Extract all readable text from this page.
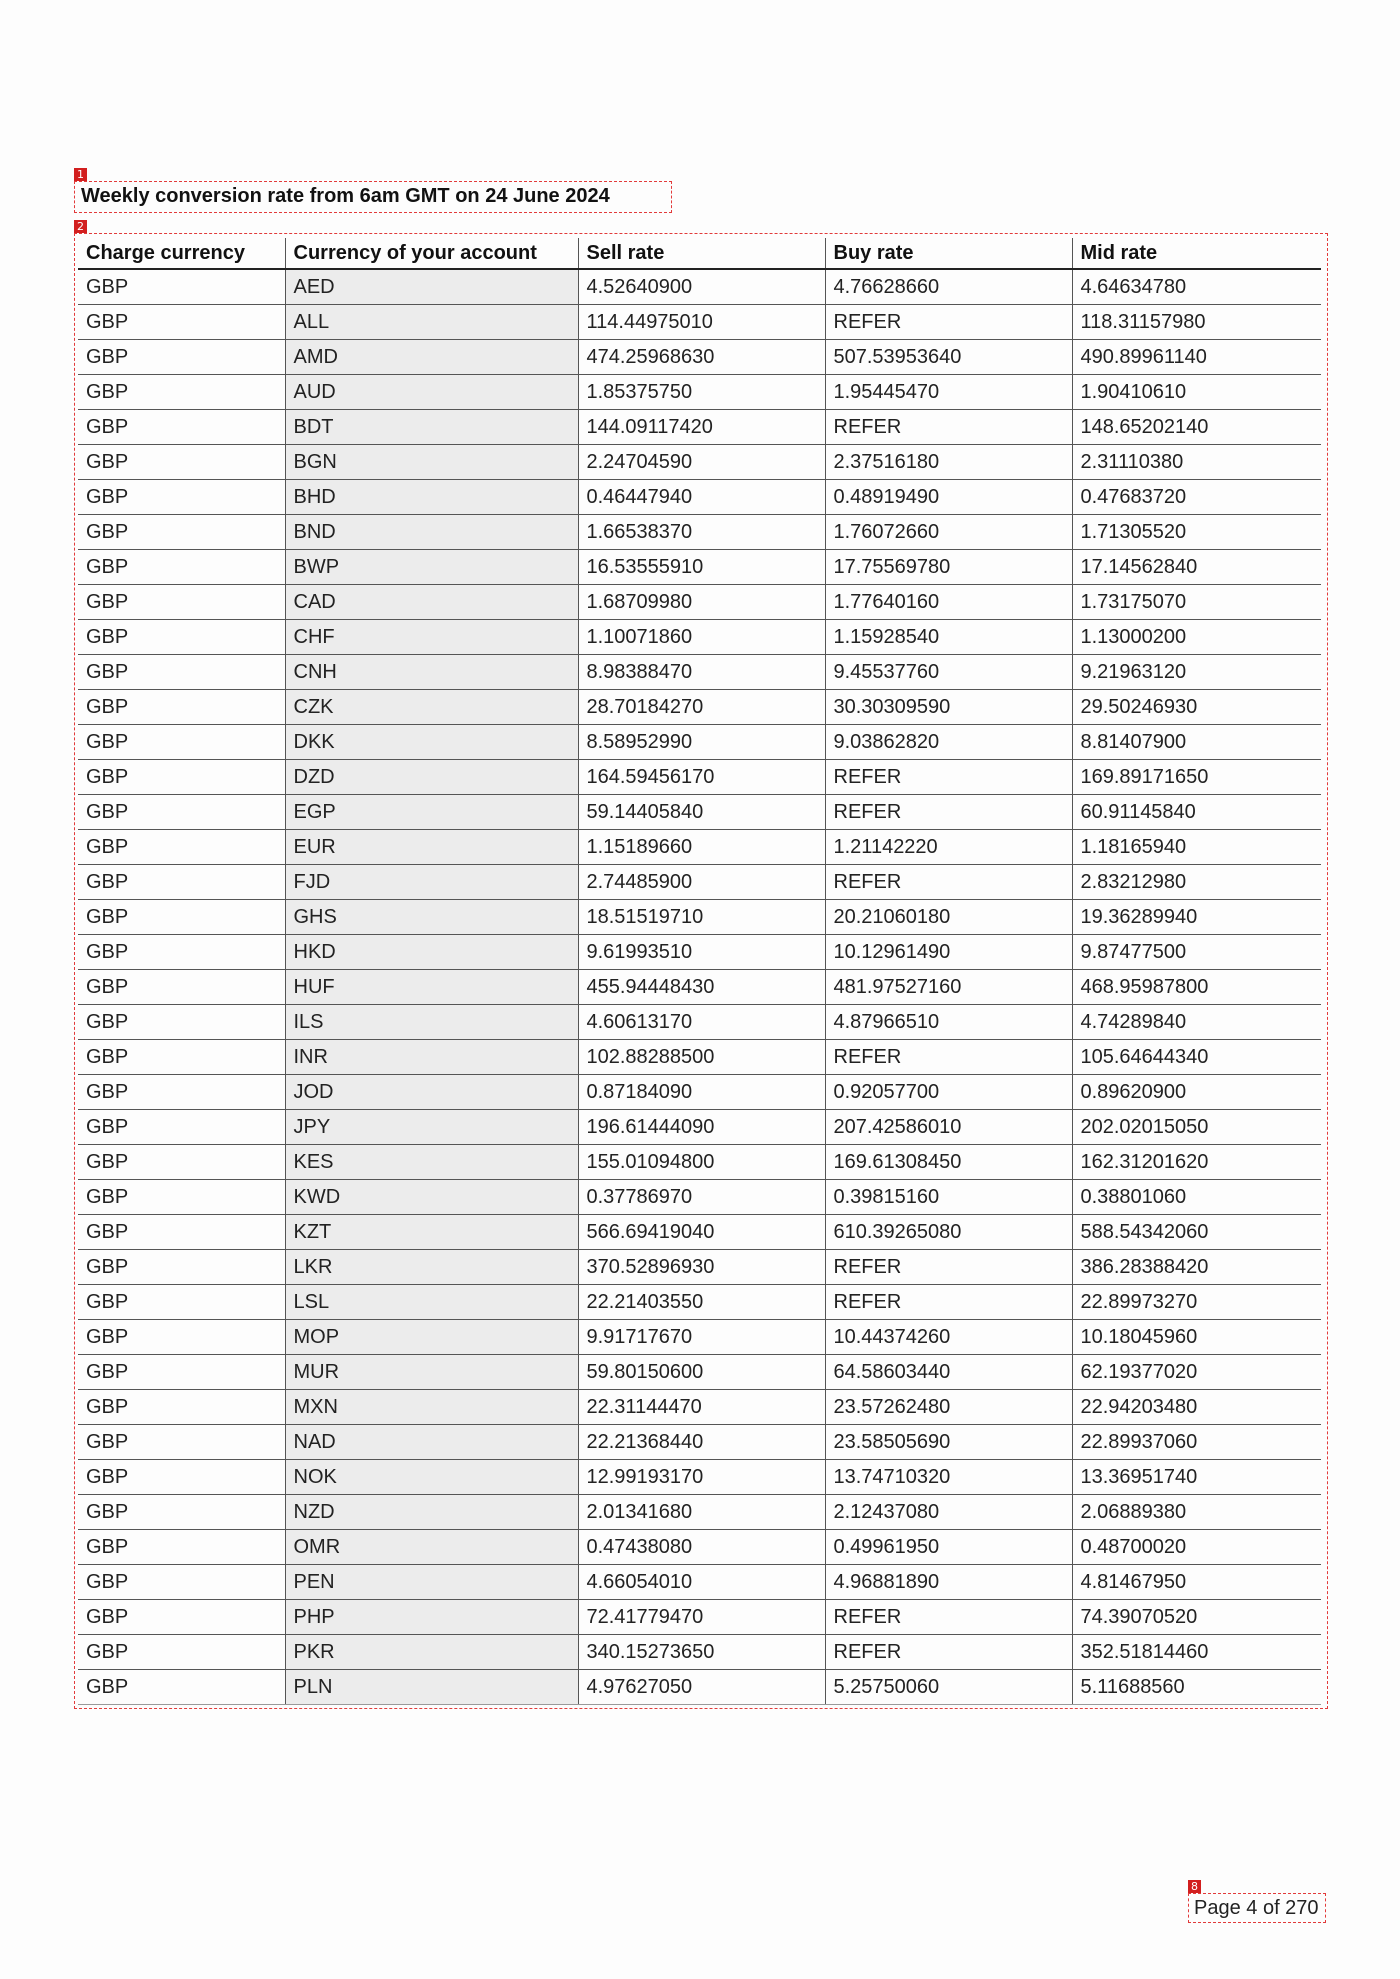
1
Weekly conversion rate from 6am GMT on 24 June 2024
2
Charge currency	Currency of your account	Sell rate	Buy rate	Mid rate
GBP	AED	4.52640900	4.76628660	4.64634780
GBP	ALL	114.44975010	REFER	118.31157980
GBP	AMD	474.25968630	507.53953640	490.89961140
GBP	AUD	1.85375750	1.95445470	1.90410610
GBP	BDT	144.09117420	REFER	148.65202140
GBP	BGN	2.24704590	2.37516180	2.31110380
GBP	BHD	0.46447940	0.48919490	0.47683720
GBP	BND	1.66538370	1.76072660	1.71305520
GBP	BWP	16.53555910	17.75569780	17.14562840
GBP	CAD	1.68709980	1.77640160	1.73175070
GBP	CHF	1.10071860	1.15928540	1.13000200
GBP	CNH	8.98388470	9.45537760	9.21963120
GBP	CZK	28.70184270	30.30309590	29.50246930
GBP	DKK	8.58952990	9.03862820	8.81407900
GBP	DZD	164.59456170	REFER	169.89171650
GBP	EGP	59.14405840	REFER	60.91145840
GBP	EUR	1.15189660	1.21142220	1.18165940
GBP	FJD	2.74485900	REFER	2.83212980
GBP	GHS	18.51519710	20.21060180	19.36289940
GBP	HKD	9.61993510	10.12961490	9.87477500
GBP	HUF	455.94448430	481.97527160	468.95987800
GBP	ILS	4.60613170	4.87966510	4.74289840
GBP	INR	102.88288500	REFER	105.64644340
GBP	JOD	0.87184090	0.92057700	0.89620900
GBP	JPY	196.61444090	207.42586010	202.02015050
GBP	KES	155.01094800	169.61308450	162.31201620
GBP	KWD	0.37786970	0.39815160	0.38801060
GBP	KZT	566.69419040	610.39265080	588.54342060
GBP	LKR	370.52896930	REFER	386.28388420
GBP	LSL	22.21403550	REFER	22.89973270
GBP	MOP	9.91717670	10.44374260	10.18045960
GBP	MUR	59.80150600	64.58603440	62.19377020
GBP	MXN	22.31144470	23.57262480	22.94203480
GBP	NAD	22.21368440	23.58505690	22.89937060
GBP	NOK	12.99193170	13.74710320	13.36951740
GBP	NZD	2.01341680	2.12437080	2.06889380
GBP	OMR	0.47438080	0.49961950	0.48700020
GBP	PEN	4.66054010	4.96881890	4.81467950
GBP	PHP	72.41779470	REFER	74.39070520
GBP	PKR	340.15273650	REFER	352.51814460
GBP	PLN	4.97627050	5.25750060	5.11688560
8
Page 4 of 270
